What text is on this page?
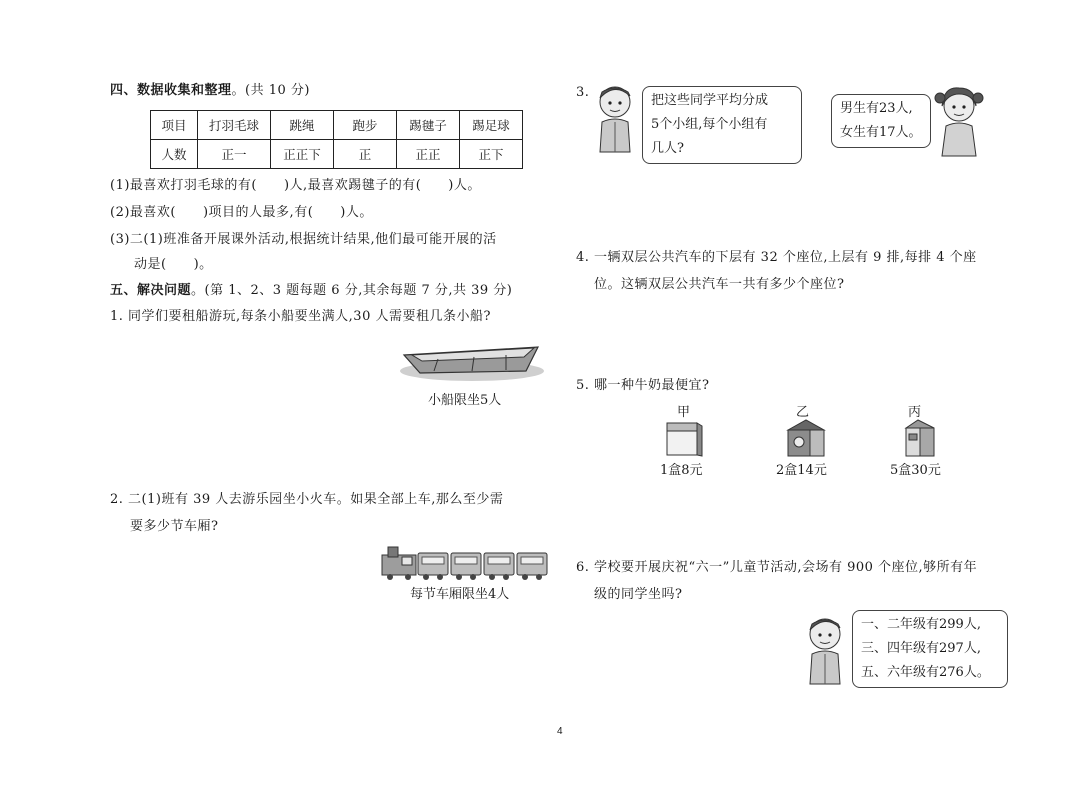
四、数据收集和整理。(共 10 分)
项目	打羽毛球	跳绳	跑步	踢毽子	踢足球
人数	正一	正正下	正	正正	正下
(1)最喜欢打羽毛球的有(　　)人,最喜欢踢毽子的有(　　)人。
(2)最喜欢(　　)项目的人最多,有(　　)人。
(3)二(1)班准备开展课外活动,根据统计结果,他们最可能开展的活
动是(　　)。
五、解决问题。(第 1、2、3 题每题 6 分,其余每题 7 分,共 39 分)
1. 同学们要租船游玩,每条小船要坐满人,30 人需要租几条小船?
小船限坐5人
2. 二(1)班有 39 人去游乐园坐小火车。如果全部上车,那么至少需
要多少节车厢?
每节车厢限坐4人
3.
把这些同学平均分成
5个小组,每个小组有
几人?
男生有23人,
女生有17人。
4. 一辆双层公共汽车的下层有 32 个座位,上层有 9 排,每排 4 个座
位。这辆双层公共汽车一共有多少个座位?
5. 哪一种牛奶最便宜?
甲
1盒8元
乙
2盒14元
丙
5盒30元
6. 学校要开展庆祝“六一”儿童节活动,会场有 900 个座位,够所有年
级的同学坐吗?
一、二年级有299人,
三、四年级有297人,
五、六年级有276人。
4
